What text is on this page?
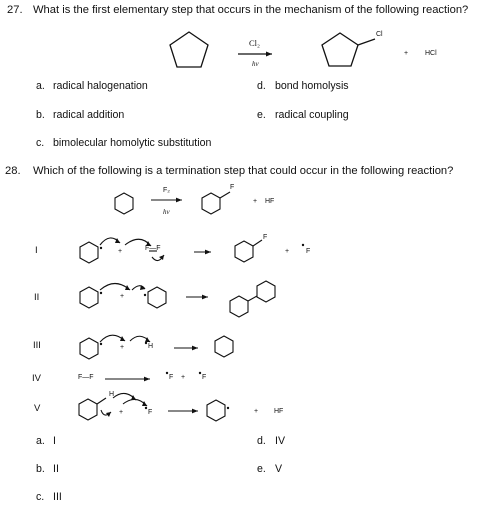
27. What is the first elementary step that occurs in the mechanism of the following reaction?
Cl₂
hv
Cl
+ HCl
a. radical halogenation
b. radical addition
c. bimolecular homolytic substitution
d. bond homolysis
e. radical coupling
28. Which of the following is a termination step that could occur in the following reaction?
F₂
hv
F
+ HF
I
II
III
IV
V
+	F—F	+ F
F
+
+	H
F—F	F + F
H
+	F	+ HF
a. I
b. II
c. III
d. IV
e. V
